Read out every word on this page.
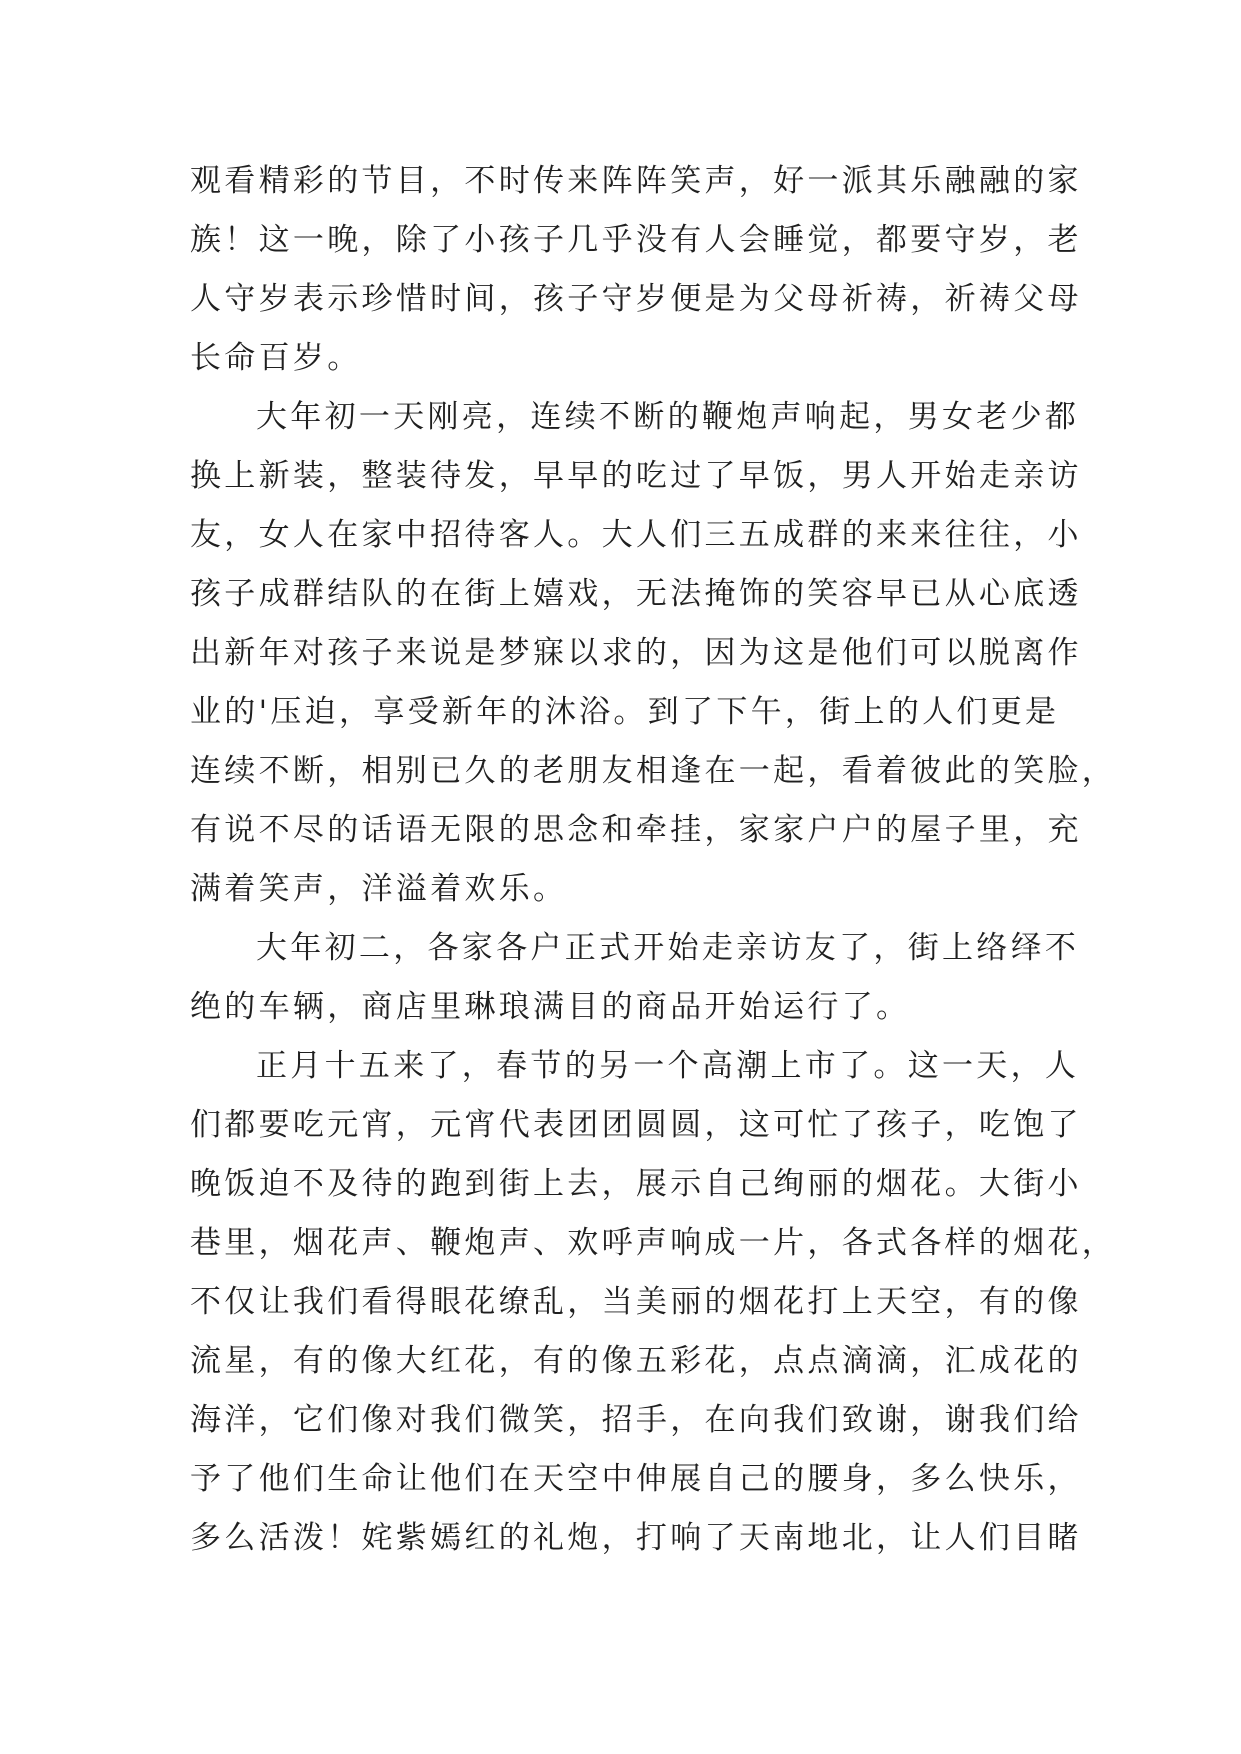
观看精彩的节目，不时传来阵阵笑声，好一派其乐融融的家
族！这一晚，除了小孩子几乎没有人会睡觉，都要守岁，老
人守岁表示珍惜时间，孩子守岁便是为父母祈祷，祈祷父母
长命百岁。
大年初一天刚亮，连续不断的鞭炮声响起，男女老少都
换上新装，整装待发，早早的吃过了早饭，男人开始走亲访
友，女人在家中招待客人。大人们三五成群的来来往往，小
孩子成群结队的在街上嬉戏，无法掩饰的笑容早已从心底透
出新年对孩子来说是梦寐以求的，因为这是他们可以脱离作
业的'压迫，享受新年的沐浴。到了下午，街上的人们更是
连续不断，相别已久的老朋友相逢在一起，看着彼此的笑脸，
有说不尽的话语无限的思念和牵挂，家家户户的屋子里，充
满着笑声，洋溢着欢乐。
大年初二，各家各户正式开始走亲访友了，街上络绎不
绝的车辆，商店里琳琅满目的商品开始运行了。
正月十五来了，春节的另一个高潮上市了。这一天，人
们都要吃元宵，元宵代表团团圆圆，这可忙了孩子，吃饱了
晚饭迫不及待的跑到街上去，展示自己绚丽的烟花。大街小
巷里，烟花声、鞭炮声、欢呼声响成一片，各式各样的烟花，
不仅让我们看得眼花缭乱，当美丽的烟花打上天空，有的像
流星，有的像大红花，有的像五彩花，点点滴滴，汇成花的
海洋，它们像对我们微笑，招手，在向我们致谢，谢我们给
予了他们生命让他们在天空中伸展自己的腰身，多么快乐，
多么活泼！姹紫嫣红的礼炮，打响了天南地北，让人们目睹
